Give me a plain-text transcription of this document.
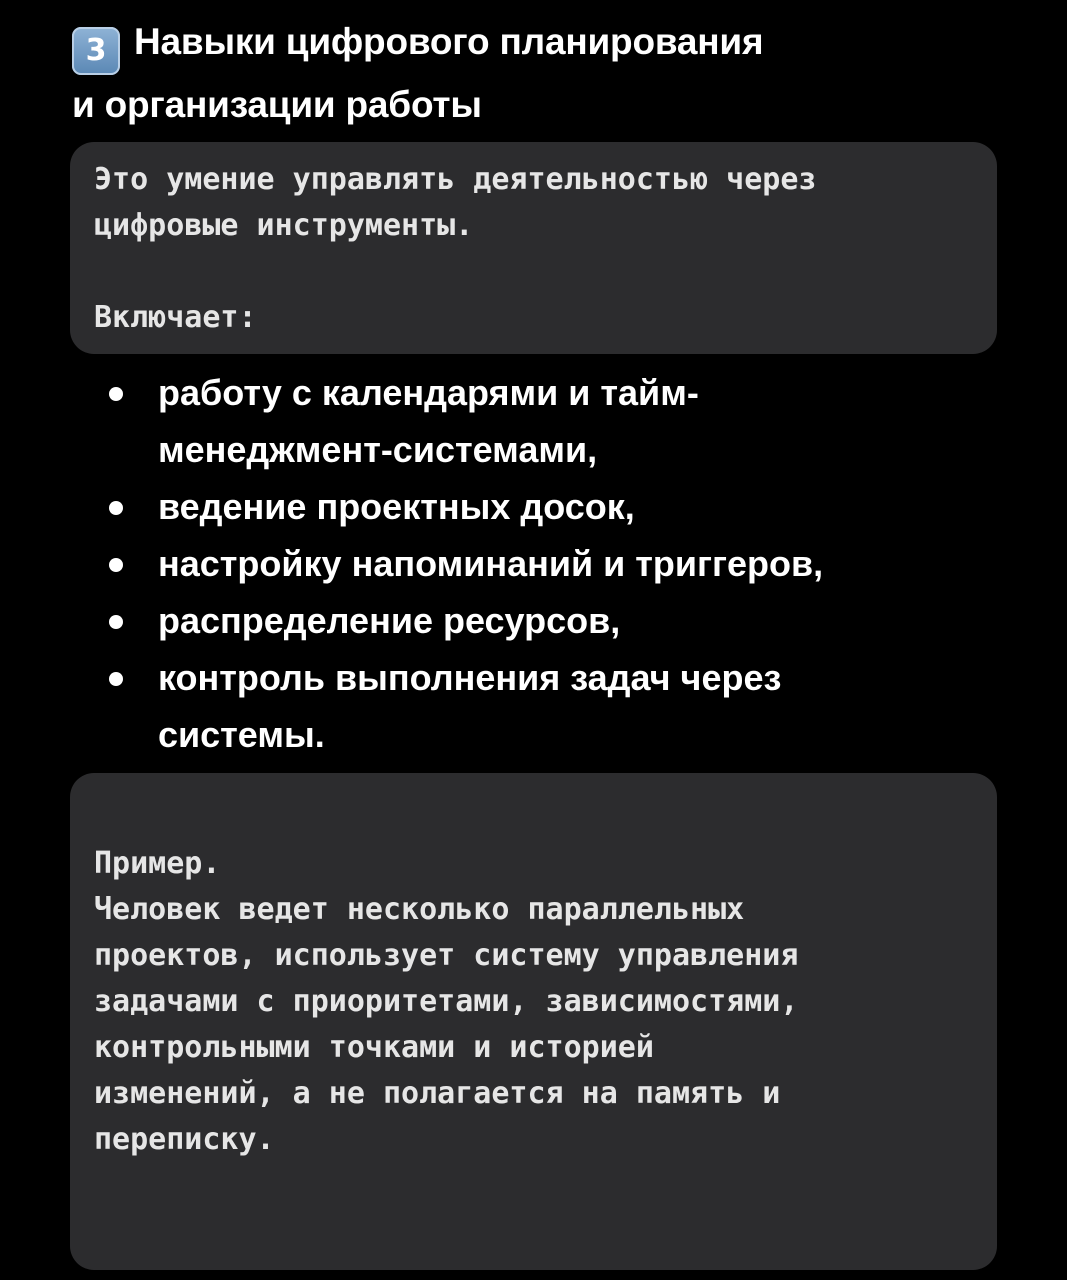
3 Навыки цифрового планирования
и организации работы
Это умение управлять деятельностью через
цифровые инструменты.
Включает:
работу с календарями и тайм-
менеджмент-системами,
ведение проектных досок,
настройку напоминаний и триггеров,
распределение ресурсов,
контроль выполнения задач через
системы.
Пример.
Человек ведет несколько параллельных
проектов, использует систему управления
задачами с приоритетами, зависимостями,
контрольными точками и историей
изменений, а не полагается на память и
переписку.
